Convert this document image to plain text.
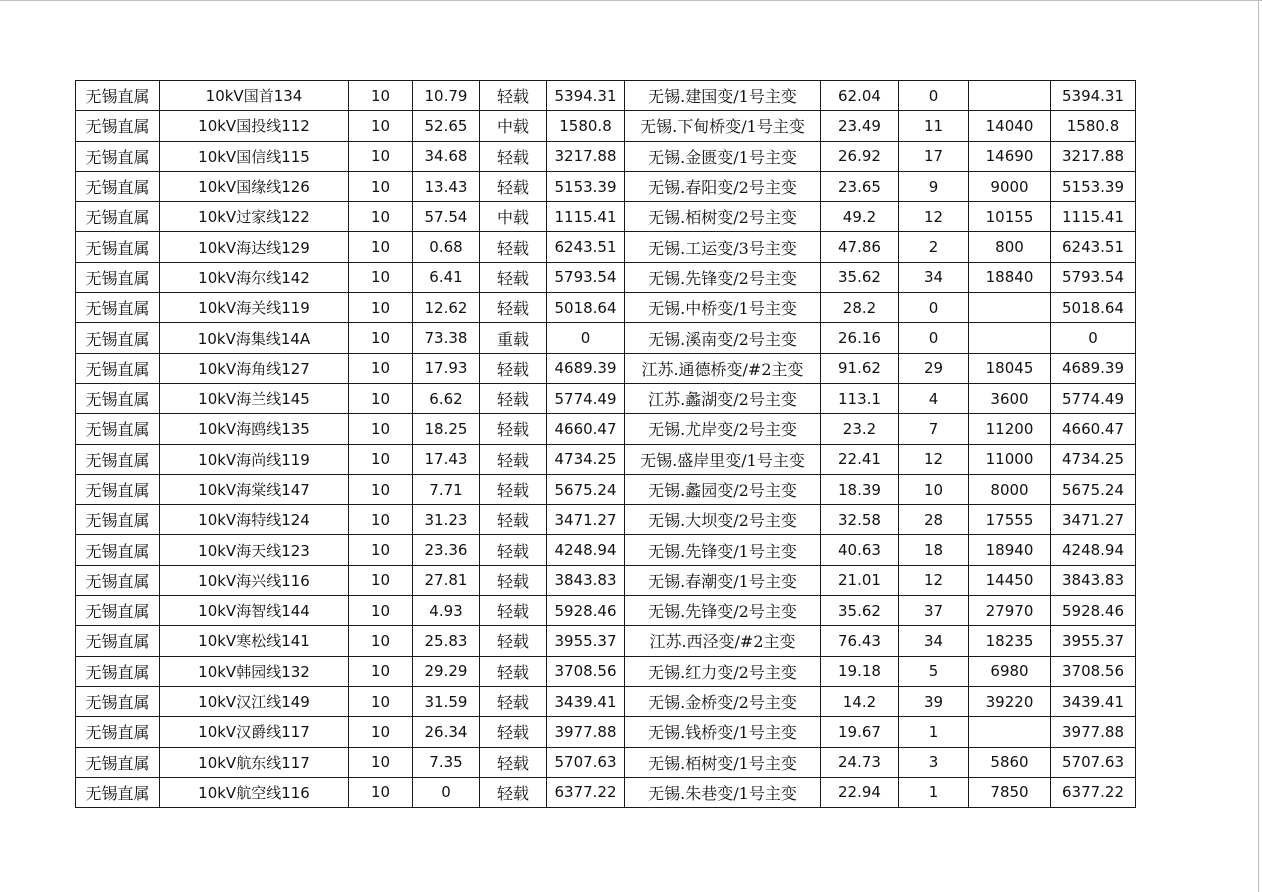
无锡直属	10kV国首134	10	10.79	轻载	5394.31	无锡.建国变/1号主变	62.04	0		5394.31
无锡直属	10kV国投线112	10	52.65	中载	1580.8	无锡.下甸桥变/1号主变	23.49	11	14040	1580.8
无锡直属	10kV国信线115	10	34.68	轻载	3217.88	无锡.金匮变/1号主变	26.92	17	14690	3217.88
无锡直属	10kV国缘线126	10	13.43	轻载	5153.39	无锡.春阳变/2号主变	23.65	9	9000	5153.39
无锡直属	10kV过家线122	10	57.54	中载	1115.41	无锡.栢树变/2号主变	49.2	12	10155	1115.41
无锡直属	10kV海达线129	10	0.68	轻载	6243.51	无锡.工运变/3号主变	47.86	2	800	6243.51
无锡直属	10kV海尔线142	10	6.41	轻载	5793.54	无锡.先锋变/2号主变	35.62	34	18840	5793.54
无锡直属	10kV海关线119	10	12.62	轻载	5018.64	无锡.中桥变/1号主变	28.2	0		5018.64
无锡直属	10kV海集线14A	10	73.38	重载	0	无锡.溪南变/2号主变	26.16	0		0
无锡直属	10kV海角线127	10	17.93	轻载	4689.39	江苏.通德桥变/#2主变	91.62	29	18045	4689.39
无锡直属	10kV海兰线145	10	6.62	轻载	5774.49	江苏.蠡湖变/2号主变	113.1	4	3600	5774.49
无锡直属	10kV海鸥线135	10	18.25	轻载	4660.47	无锡.尤岸变/2号主变	23.2	7	11200	4660.47
无锡直属	10kV海尚线119	10	17.43	轻载	4734.25	无锡.盛岸里变/1号主变	22.41	12	11000	4734.25
无锡直属	10kV海棠线147	10	7.71	轻载	5675.24	无锡.蠡园变/2号主变	18.39	10	8000	5675.24
无锡直属	10kV海特线124	10	31.23	轻载	3471.27	无锡.大坝变/2号主变	32.58	28	17555	3471.27
无锡直属	10kV海天线123	10	23.36	轻载	4248.94	无锡.先锋变/1号主变	40.63	18	18940	4248.94
无锡直属	10kV海兴线116	10	27.81	轻载	3843.83	无锡.春潮变/1号主变	21.01	12	14450	3843.83
无锡直属	10kV海智线144	10	4.93	轻载	5928.46	无锡.先锋变/2号主变	35.62	37	27970	5928.46
无锡直属	10kV寒松线141	10	25.83	轻载	3955.37	江苏.西泾变/#2主变	76.43	34	18235	3955.37
无锡直属	10kV韩园线132	10	29.29	轻载	3708.56	无锡.红力变/2号主变	19.18	5	6980	3708.56
无锡直属	10kV汉江线149	10	31.59	轻载	3439.41	无锡.金桥变/2号主变	14.2	39	39220	3439.41
无锡直属	10kV汉爵线117	10	26.34	轻载	3977.88	无锡.钱桥变/1号主变	19.67	1		3977.88
无锡直属	10kV航东线117	10	7.35	轻载	5707.63	无锡.栢树变/1号主变	24.73	3	5860	5707.63
无锡直属	10kV航空线116	10	0	轻载	6377.22	无锡.朱巷变/1号主变	22.94	1	7850	6377.22
